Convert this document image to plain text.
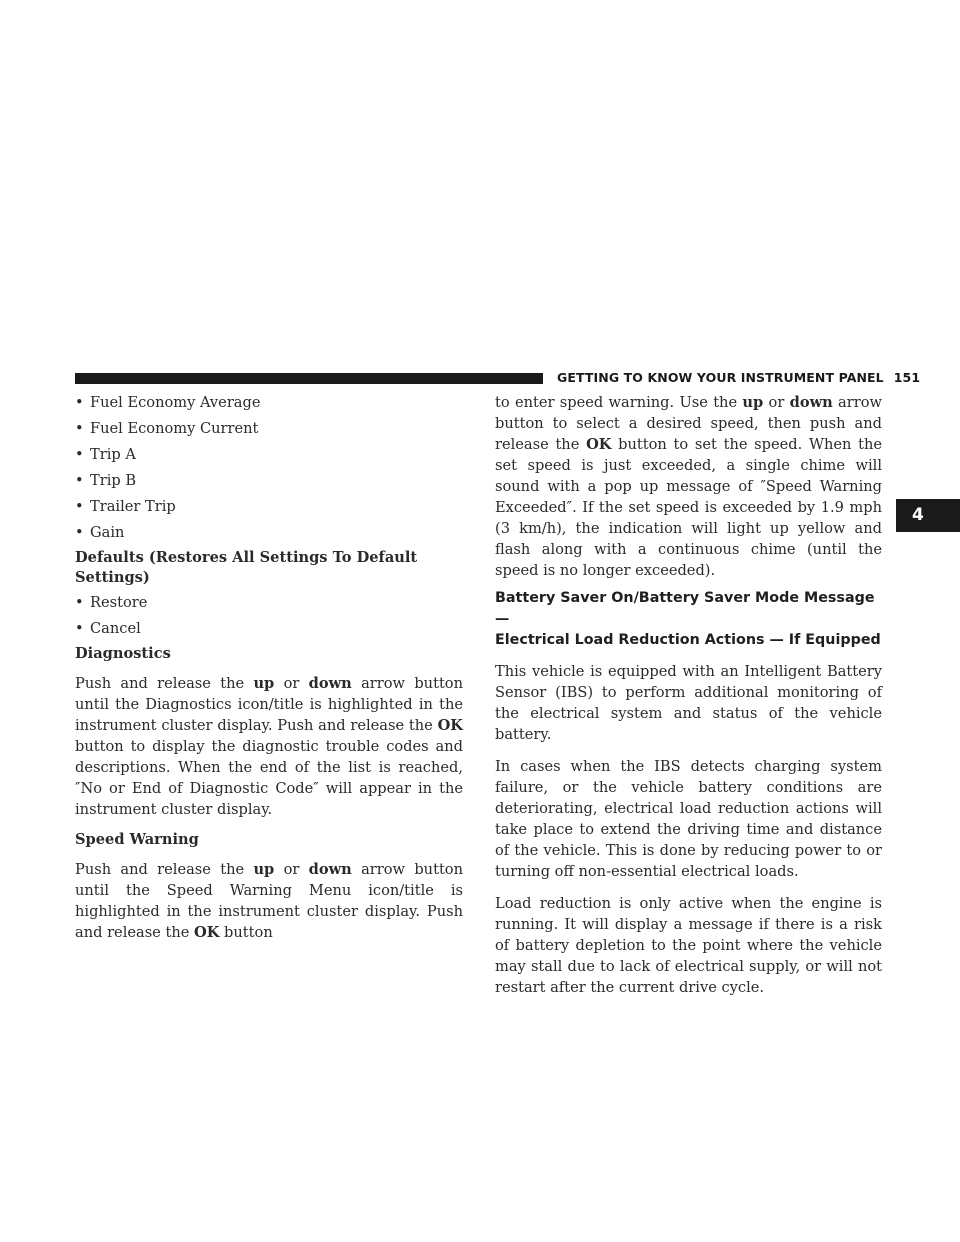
GETTING TO KNOW YOUR INSTRUMENT PANEL 151
4
• Fuel Economy Average
• Fuel Economy Current
• Trip A
• Trip B
• Trailer Trip
• Gain

Defaults (Restores All Settings To Default Settings)

• Restore
• Cancel

Diagnostics

Push and release the up or down arrow button until the Diagnostics icon/title is highlighted in the instrument cluster display. Push and release the OK button to display the diagnostic trouble codes and descriptions. When the end of the list is reached, ″No or End of Diagnostic Code″ will appear in the instrument cluster display.

Speed Warning

Push and release the up or down arrow button until the Speed Warning Menu icon/title is highlighted in the instrument cluster display. Push and release the OK button

to enter speed warning. Use the up or down arrow button to select a desired speed, then push and release the OK button to set the speed. When the set speed is just exceeded, a single chime will sound with a pop up message of ″Speed Warning Exceeded″. If the set speed is exceeded by 1.9 mph (3 km/h), the indication will light up yellow and flash along with a continuous chime (until the speed is no longer exceeded).

Battery Saver On/Battery Saver Mode Message —
Electrical Load Reduction Actions — If Equipped

This vehicle is equipped with an Intelligent Battery Sensor (IBS) to perform additional monitoring of the electrical system and status of the vehicle battery.

In cases when the IBS detects charging system failure, or the vehicle battery conditions are deteriorating, electrical load reduction actions will take place to extend the driving time and distance of the vehicle. This is done by reducing power to or turning off non-essential electrical loads.

Load reduction is only active when the engine is running. It will display a message if there is a risk of battery depletion to the point where the vehicle may stall due to lack of electrical supply, or will not restart after the current drive cycle.
